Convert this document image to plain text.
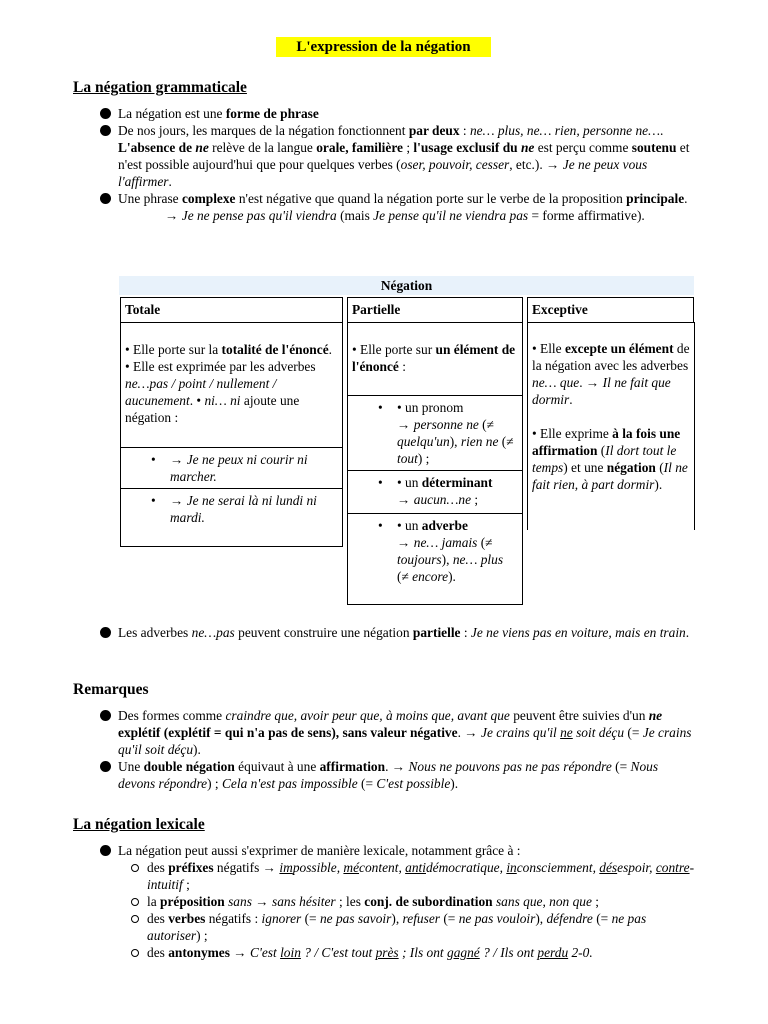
L'expression de la négation
La négation grammaticale
La négation est une forme de phrase
De nos jours, les marques de la négation fonctionnent par deux : ne… plus, ne… rien, personne ne…. L'absence de ne relève de la langue orale, familière ; l'usage exclusif du ne est perçu comme soutenu et n'est possible aujourd'hui que pour quelques verbes (oser, pouvoir, cesser, etc.). → Je ne peux vous l'affirmer.
Une phrase complexe n'est négative que quand la négation porte sur le verbe de la proposition principale.
→ Je ne pense pas qu'il viendra (mais Je pense qu'il ne viendra pas = forme affirmative).
Négation
Totale
• Elle porte sur la totalité de l'énoncé. • Elle est exprimée par les adverbes ne…pas / point / nullement / aucunement. • ni… ni ajoute une négation :
• → Je ne peux ni courir ni marcher.
• → Je ne serai là ni lundi ni mardi.
Partielle
• Elle porte sur un élément de l'énoncé :
• • un pronom
→ personne ne (≠ quelqu'un), rien ne (≠ tout) ;
• • un déterminant
→ aucun…ne ;
• • un adverbe
→ ne… jamais (≠ toujours), ne… plus (≠ encore).
Exceptive
• Elle excepte un élément de la négation avec les adverbes ne… que. → Il ne fait que dormir.
• Elle exprime à la fois une affirmation (Il dort tout le temps) et une négation (Il ne fait rien, à part dormir).
Les adverbes ne…pas peuvent construire une négation partielle : Je ne viens pas en voiture, mais en train.
Remarques
Des formes comme craindre que, avoir peur que, à moins que, avant que peuvent être suivies d'un ne explétif (explétif = qui n'a pas de sens), sans valeur négative. → Je crains qu'il ne soit déçu (= Je crains qu'il soit déçu).
Une double négation équivaut à une affirmation. → Nous ne pouvons pas ne pas répondre (= Nous devons répondre) ; Cela n'est pas impossible (= C'est possible).
La négation lexicale
La négation peut aussi s'exprimer de manière lexicale, notamment grâce à :
des préfixes négatifs → impossible, mécontent, antidémocratique, inconsciemment, désespoir, contre-intuitif ;
la préposition sans → sans hésiter ; les conj. de subordination sans que, non que ;
des verbes négatifs : ignorer (= ne pas savoir), refuser (= ne pas vouloir), défendre (= ne pas autoriser) ;
des antonymes → C'est loin ? / C'est tout près ; Ils ont gagné ? / Ils ont perdu 2-0.
